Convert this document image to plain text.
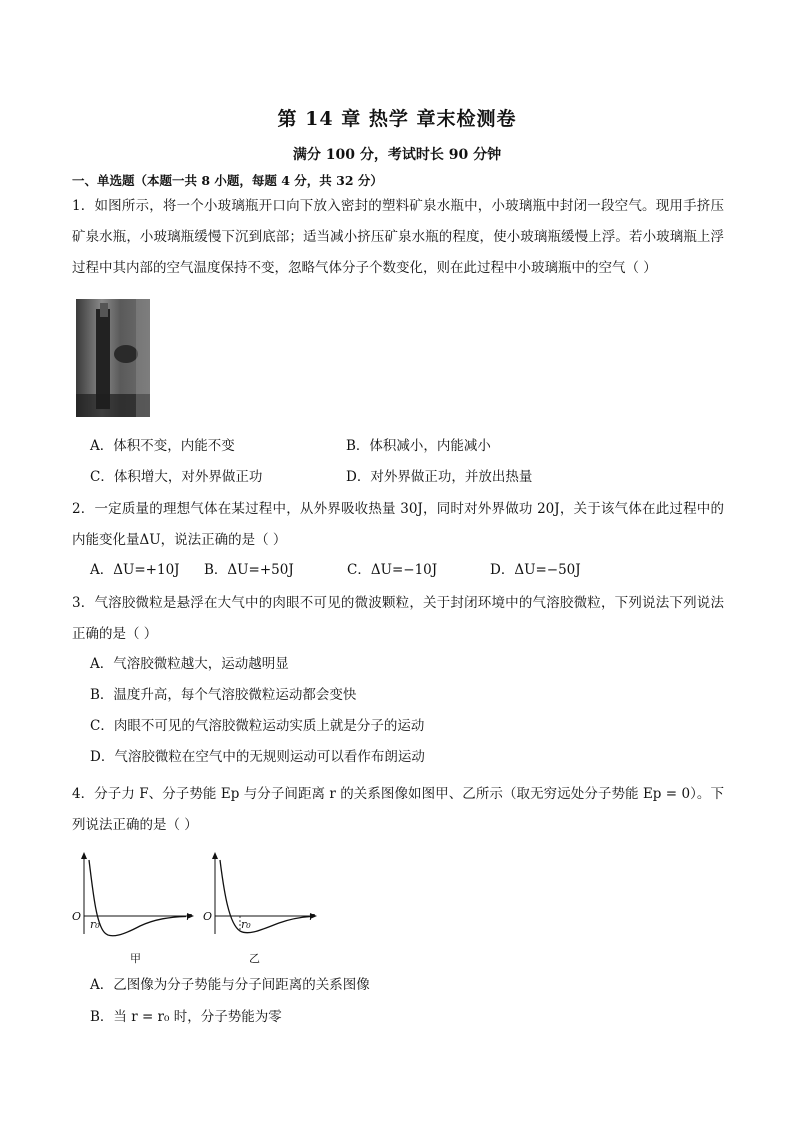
第 14 章 热学 章末检测卷
满分 100 分，考试时长 90 分钟
一、单选题（本题一共 8 小题，每题 4 分，共 32 分）
1．如图所示，将一个小玻璃瓶开口向下放入密封的塑料矿泉水瓶中，小玻璃瓶中封闭一段空气。现用手挤压矿泉水瓶，小玻璃瓶缓慢下沉到底部；适当减小挤压矿泉水瓶的程度，使小玻璃瓶缓慢上浮。若小玻璃瓶上浮过程中其内部的空气温度保持不变，忽略气体分子个数变化，则在此过程中小玻璃瓶中的空气（ ）
A．体积不变，内能不变	B．体积减小，内能减小
C．体积增大，对外界做正功	D．对外界做正功，并放出热量
2．一定质量的理想气体在某过程中，从外界吸收热量 30J，同时对外界做功 20J，关于该气体在此过程中的内能变化量ΔU，说法正确的是（ ）
A．ΔU=+10J B．ΔU=+50J	C．ΔU=−10J	D．ΔU=−50J
3．气溶胶微粒是悬浮在大气中的肉眼不可见的微波颗粒，关于封闭环境中的气溶胶微粒，下列说法下列说法正确的是（ ）
A．气溶胶微粒越大，运动越明显
B．温度升高，每个气溶胶微粒运动都会变快
C．肉眼不可见的气溶胶微粒运动实质上就是分子的运动
D．气溶胶微粒在空气中的无规则运动可以看作布朗运动
4．分子力 F、分子势能 Ep 与分子间距离 r 的关系图像如图甲、乙所示（取无穷远处分子势能 Ep = 0）。下列说法正确的是（ ）
O
r₀
r
甲
O
r₀
r
乙
A．乙图像为分子势能与分子间距离的关系图像
B．当 r = r₀ 时，分子势能为零
